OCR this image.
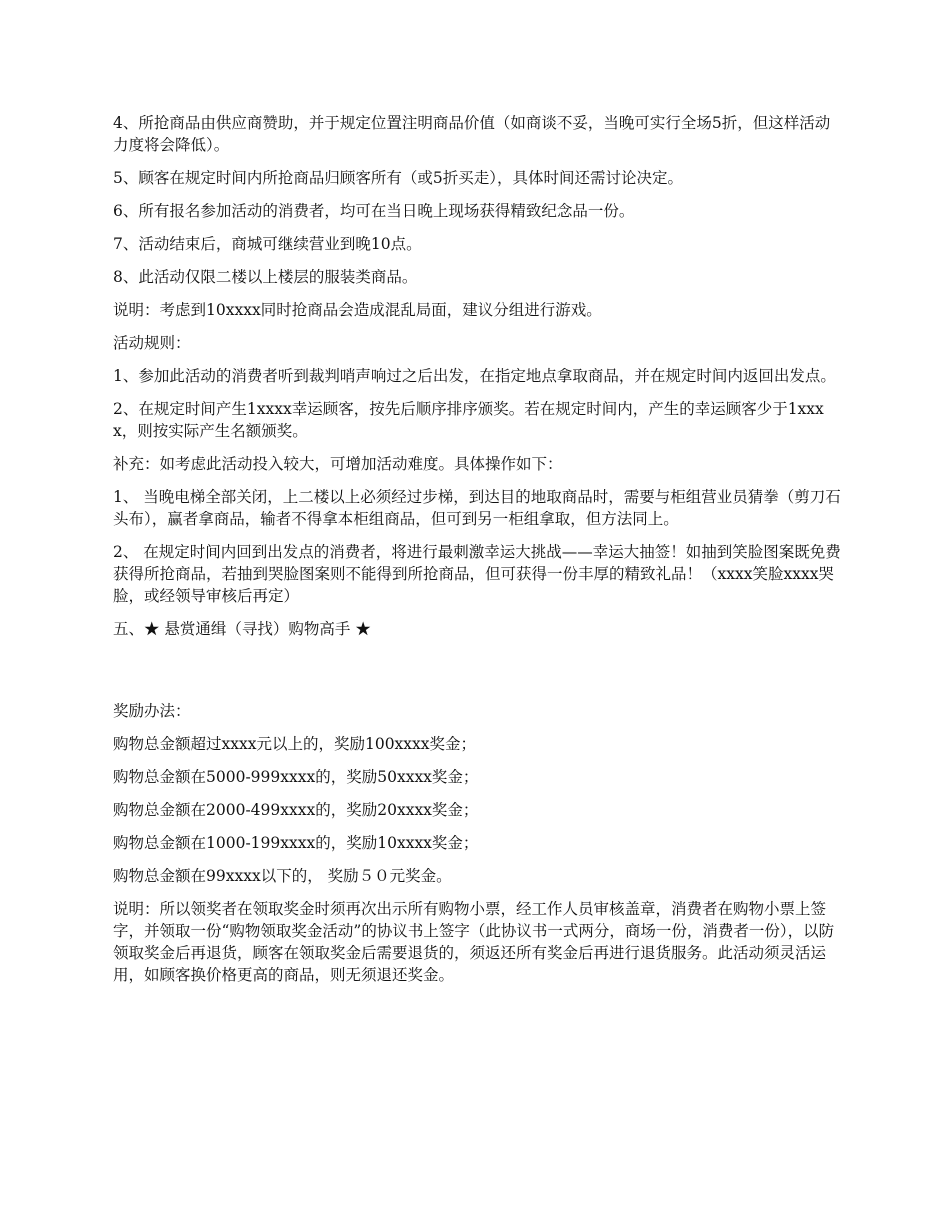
4、所抢商品由供应商赞助，并于规定位置注明商品价值（如商谈不妥，当晚可实行全场5折，但这样活动力度将会降低）。

5、顾客在规定时间内所抢商品归顾客所有（或5折买走），具体时间还需讨论决定。

6、所有报名参加活动的消费者，均可在当日晚上现场获得精致纪念品一份。

7、活动结束后，商城可继续营业到晚10点。

8、此活动仅限二楼以上楼层的服装类商品。

说明：考虑到10xxxx同时抢商品会造成混乱局面，建议分组进行游戏。

活动规则：

1、参加此活动的消费者听到裁判哨声响过之后出发，在指定地点拿取商品，并在规定时间内返回出发点。

2、在规定时间产生1xxxx幸运顾客，按先后顺序排序颁奖。若在规定时间内，产生的幸运顾客少于1xxxx，则按实际产生名额颁奖。

补充：如考虑此活动投入较大，可增加活动难度。具体操作如下：

1、 当晚电梯全部关闭，上二楼以上必须经过步梯，到达目的地取商品时，需要与柜组营业员猜拳（剪刀石头布），赢者拿商品，输者不得拿本柜组商品，但可到另一柜组拿取，但方法同上。

2、 在规定时间内回到出发点的消费者，将进行最刺激幸运大挑战——幸运大抽签！如抽到笑脸图案既免费获得所抢商品，若抽到哭脸图案则不能得到所抢商品，但可获得一份丰厚的精致礼品！（xxxx笑脸xxxx哭脸，或经领导审核后再定）

五、★ 悬赏通缉（寻找）购物高手 ★

奖励办法：

购物总金额超过xxxx元以上的，奖励100xxxx奖金；

购物总金额在5000-999xxxx的，奖励50xxxx奖金；

购物总金额在2000-499xxxx的，奖励20xxxx奖金；

购物总金额在1000-199xxxx的，奖励10xxxx奖金；

购物总金额在99xxxx以下的， 奖励５０元奖金。

说明：所以领奖者在领取奖金时须再次出示所有购物小票，经工作人员审核盖章，消费者在购物小票上签字，并领取一份“购物领取奖金活动”的协议书上签字（此协议书一式两分，商场一份，消费者一份），以防领取奖金后再退货，顾客在领取奖金后需要退货的，须返还所有奖金后再进行退货服务。此活动须灵活运用，如顾客换价格更高的商品，则无须退还奖金。
